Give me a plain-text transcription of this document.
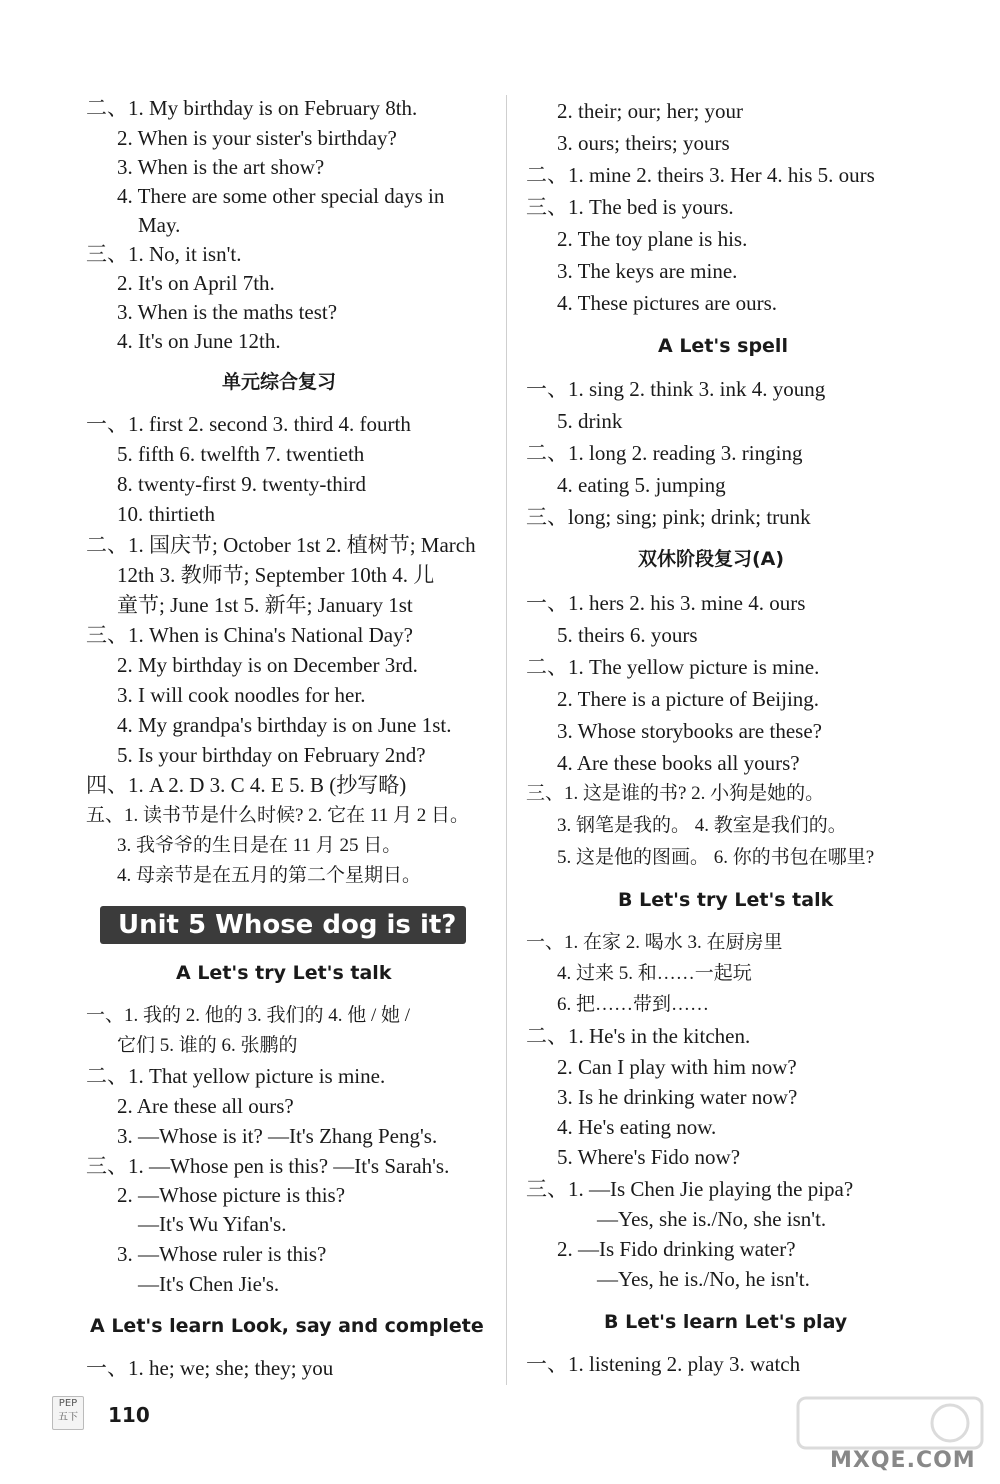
二、1. My birthday is on February 8th.
2. When is your sister's birthday?
3. When is the art show?
4. There are some other special days in
May.
三、1. No, it isn't.
2. It's on April 7th.
3. When is the maths test?
4. It's on June 12th.
单元综合复习
一、1. first 2. second 3. third 4. fourth
5. fifth 6. twelfth 7. twentieth
8. twenty-first 9. twenty-third
10. thirtieth
二、1. 国庆节; October 1st 2. 植树节; March
12th 3. 教师节; September 10th 4. 儿
童节; June 1st 5. 新年; January 1st
三、1. When is China's National Day?
2. My birthday is on December 3rd.
3. I will cook noodles for her.
4. My grandpa's birthday is on June 1st.
5. Is your birthday on February 2nd?
四、1. A 2. D 3. C 4. E 5. B (抄写略)
五、1. 读书节是什么时候? 2. 它在 11 月 2 日。
3. 我爷爷的生日是在 11 月 25 日。
4. 母亲节是在五月的第二个星期日。
Unit 5 Whose dog is it?
A Let's try Let's talk
一、1. 我的 2. 他的 3. 我们的 4. 他 / 她 /
它们 5. 谁的 6. 张鹏的
二、1. That yellow picture is mine.
2. Are these all ours?
3. —Whose is it? —It's Zhang Peng's.
三、1. —Whose pen is this? —It's Sarah's.
2. —Whose picture is this?
—It's Wu Yifan's.
3. —Whose ruler is this?
—It's Chen Jie's.
A Let's learn Look, say and complete
一、1. he; we; she; they; you
2. their; our; her; your
3. ours; theirs; yours
二、1. mine 2. theirs 3. Her 4. his 5. ours
三、1. The bed is yours.
2. The toy plane is his.
3. The keys are mine.
4. These pictures are ours.
A Let's spell
一、1. sing 2. think 3. ink 4. young
5. drink
二、1. long 2. reading 3. ringing
4. eating 5. jumping
三、long; sing; pink; drink; trunk
双休阶段复习(A)
一、1. hers 2. his 3. mine 4. ours
5. theirs 6. yours
二、1. The yellow picture is mine.
2. There is a picture of Beijing.
3. Whose storybooks are these?
4. Are these books all yours?
三、1. 这是谁的书? 2. 小狗是她的。
3. 钢笔是我的。 4. 教室是我们的。
5. 这是他的图画。 6. 你的书包在哪里?
B Let's try Let's talk
一、1. 在家 2. 喝水 3. 在厨房里
4. 过来 5. 和……一起玩
6. 把……带到……
二、1. He's in the kitchen.
2. Can I play with him now?
3. Is he drinking water now?
4. He's eating now.
5. Where's Fido now?
三、1. —Is Chen Jie playing the pipa?
—Yes, she is./No, she isn't.
2. —Is Fido drinking water?
—Yes, he is./No, he isn't.
B Let's learn Let's play
一、1. listening 2. play 3. watch
PEP
五下 110
MXQE.COM
